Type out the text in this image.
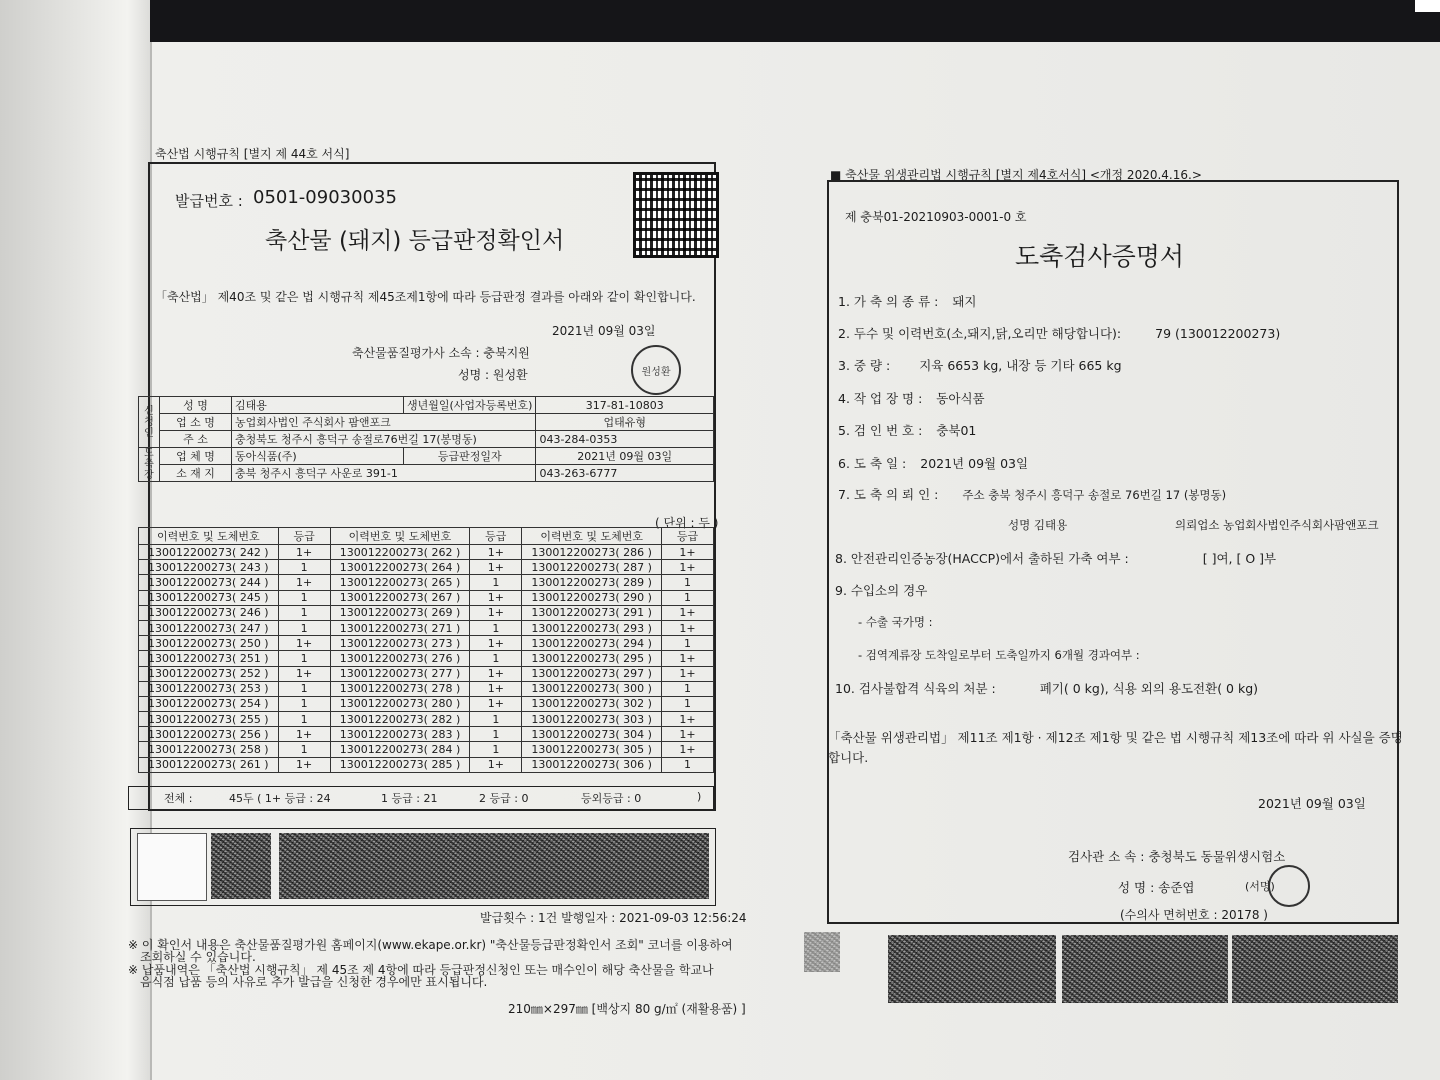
축산법 시행규칙 [별지 제 44호 서식]
발급번호 : 0501-09030035
축산물 (돼지) 등급판정확인서
「축산법」 제40조 및 같은 법 시행규칙 제45조제1항에 따라 등급판정 결과를 아래와 같이 확인합니다.
2021년 09월 03일
축산물품질평가사 소속 : 충북지원
성명 : 원성환	원성환
신청인	성 명	김태용	생년월일(사업자등록번호)	317-81-10803
	업 소 명	농업회사법인 주식회사 팜앤포크		업태유형
	주 소	충청북도 청주시 흥덕구 송절로76번길 17(봉명동)		043-284-0353
도축장	업 체 명	동아식품(주)	등급판정일자	2021년 09월 03일
	소 재 지	충북 청주시 흥덕구 사운로 391-1		043-263-6777
( 단위 : 두 )
이력번호 및 도체번호	등급	이력번호 및 도체번호	등급	이력번호 및 도체번호	등급
130012200273( 242 )	1+	130012200273( 262 )	1+	130012200273( 286 )	1+
130012200273( 243 )	1	130012200273( 264 )	1+	130012200273( 287 )	1+
130012200273( 244 )	1+	130012200273( 265 )	1	130012200273( 289 )	1
130012200273( 245 )	1	130012200273( 267 )	1+	130012200273( 290 )	1
130012200273( 246 )	1	130012200273( 269 )	1+	130012200273( 291 )	1+
130012200273( 247 )	1	130012200273( 271 )	1	130012200273( 293 )	1+
130012200273( 250 )	1+	130012200273( 273 )	1+	130012200273( 294 )	1
130012200273( 251 )	1	130012200273( 276 )	1	130012200273( 295 )	1+
130012200273( 252 )	1+	130012200273( 277 )	1+	130012200273( 297 )	1+
130012200273( 253 )	1	130012200273( 278 )	1+	130012200273( 300 )	1
130012200273( 254 )	1	130012200273( 280 )	1+	130012200273( 302 )	1
130012200273( 255 )	1	130012200273( 282 )	1	130012200273( 303 )	1+
130012200273( 256 )	1+	130012200273( 283 )	1	130012200273( 304 )	1+
130012200273( 258 )	1	130012200273( 284 )	1	130012200273( 305 )	1+
130012200273( 261 )	1+	130012200273( 285 )	1+	130012200273( 306 )	1
전체 :	45두 ( 1+ 등급 : 24	1 등급 : 21	2 등급 : 0	등외등급 : 0	)
발급횟수 : 1건 발행일자 : 2021-09-03 12:56:24
※ 이 확인서 내용은 축산물품질평가원 홈페이지(www.ekape.or.kr) "축산물등급판정확인서 조회" 코너를 이용하여
조회하실 수 있습니다.
※ 납품내역은 「축산법 시행규칙」 제 45조 제 4항에 따라 등급판정신청인 또는 매수인이 해당 축산물을 학교나
음식점 납품 등의 사유로 추가 발급을 신청한 경우에만 표시됩니다.
210㎜×297㎜ [백상지 80 g/㎡ (재활용품) ]
■ 축산물 위생관리법 시행규칙 [별지 제4호서식] <개정 2020.4.16.>
제 충북01-20210903-0001-0 호
도축검사증명서
1. 가 축 의 종 류 : 돼지
2. 두수 및 이력번호(소,돼지,닭,오리만 해당합니다):	79 (130012200273)
3. 중 량 : 지육 6653 kg, 내장 등 기타 665 kg
4. 작 업 장 명 : 동아식품
5. 검 인 번 호 : 충북01
6. 도 축 일 : 2021년 09월 03일
7. 도 축 의 뢰 인 : 주소 충북 청주시 흥덕구 송절로 76번길 17 (봉명동)
성명 김태용	의뢰업소 농업회사법인주식회사팜앤포크
8. 안전관리인증농장(HACCP)에서 출하된 가축 여부 :	[ ]여, [ O ]부
9. 수입소의 경우
- 수출 국가명 :
- 검역계류장 도착일로부터 도축일까지 6개월 경과여부 :
10. 검사불합격 식육의 처분 :	폐기( 0 kg), 식용 외의 용도전환( 0 kg)
「축산물 위생관리법」 제11조 제1항 · 제12조 제1항 및 같은 법 시행규칙 제13조에 따라 위 사실을 증명
합니다.
2021년 09월 03일
검사관 소 속 : 충청북도 동물위생시험소
성 명 : 송준엽	(서명)
(수의사 면허번호 : 20178 )
